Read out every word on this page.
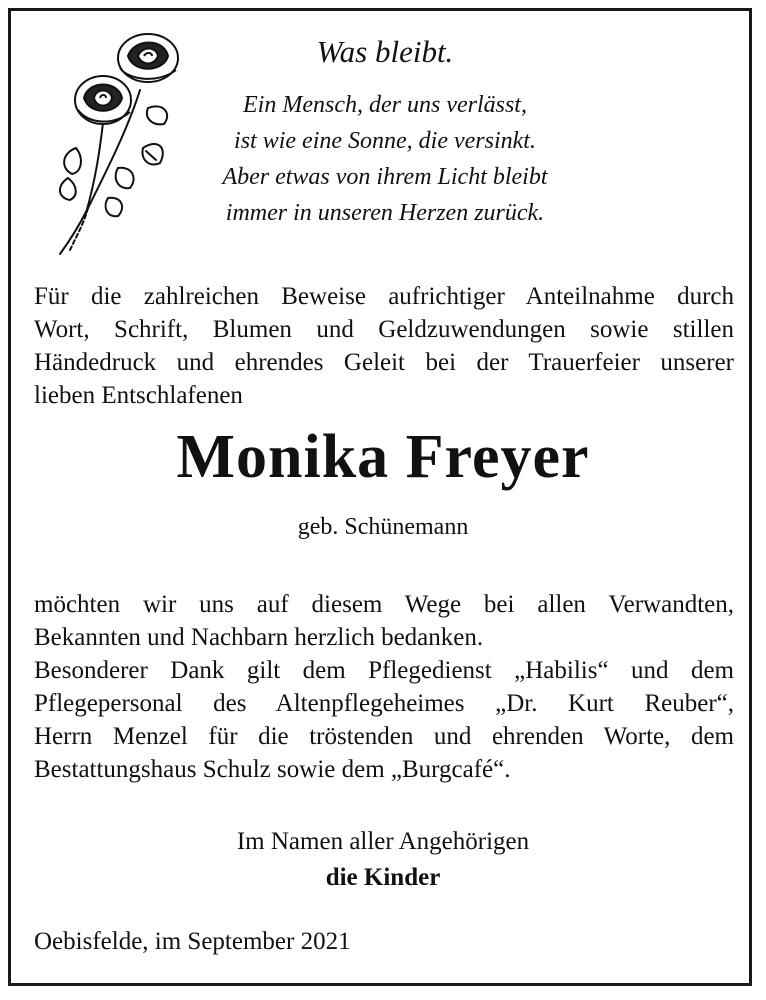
Was bleibt.
Ein Mensch, der uns verlässt,
ist wie eine Sonne, die versinkt.
Aber etwas von ihrem Licht bleibt
immer in unseren Herzen zurück.
Für die zahlreichen Beweise aufrichtiger Anteilnahme durch
Wort, Schrift, Blumen und Geldzuwendungen sowie stillen
Händedruck und ehrendes Geleit bei der Trauerfeier unserer
lieben Entschlafenen
Monika Freyer
geb. Schünemann
möchten wir uns auf diesem Wege bei allen Verwandten,
Bekannten und Nachbarn herzlich bedanken.
Besonderer Dank gilt dem Pflegedienst „Habilis“ und dem
Pflegepersonal des Altenpflegeheimes „Dr. Kurt Reuber“,
Herrn Menzel für die tröstenden und ehrenden Worte, dem
Bestattungshaus Schulz sowie dem „Burgcafé“.
Im Namen aller Angehörigen
die Kinder
Oebisfelde, im September 2021
